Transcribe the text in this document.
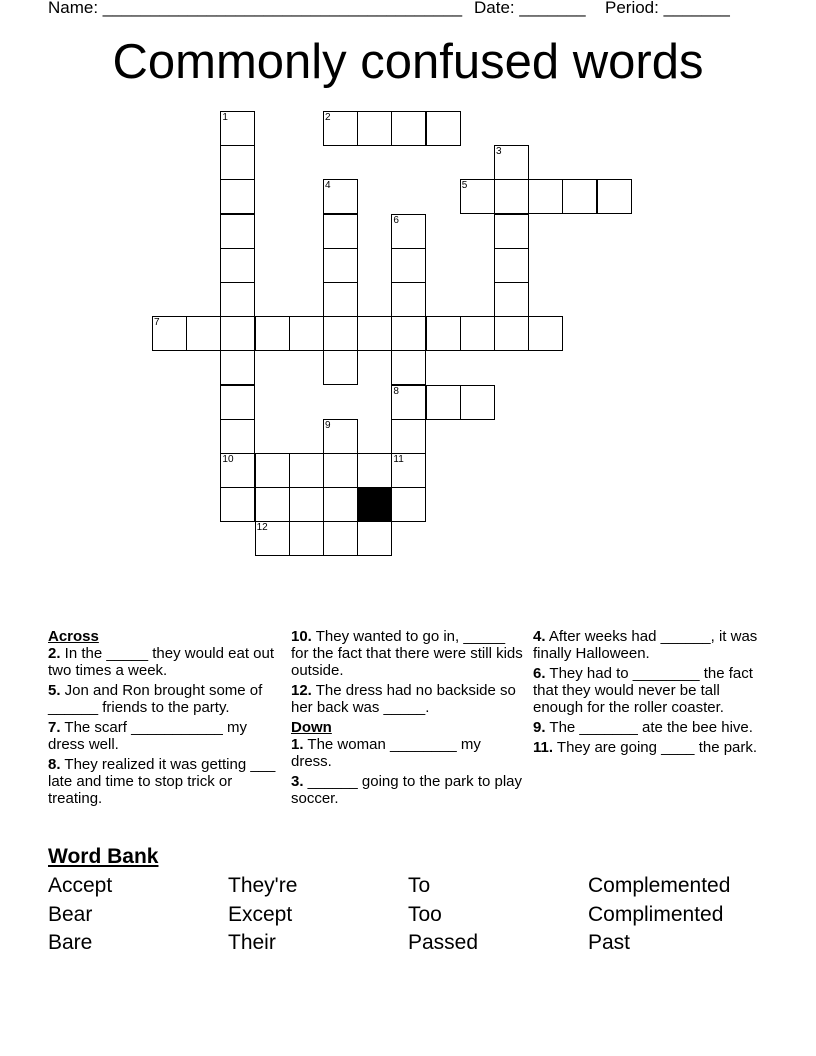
Name: ______________________________________ Date: _______ Period: _______
Commonly confused words
1
10
2
3
5
4
6
8
11
7
9
12

Across

2. In the _____ they would eat out two times a week.

5. Jon and Ron brought some of ______ friends to the party.

7. The scarf ___________ my dress well.

8. They realized it was getting ___ late and time to stop trick or treating.

10. They wanted to go in, _____ for the fact that there were still kids outside.

12. The dress had no backside so her back was _____.

Down

1. The woman ________ my dress.

3. ______ going to the park to play soccer.

4. After weeks had ______, it was finally Halloween.

6. They had to ________ the fact that they would never be tall enough for the roller coaster.

9. The _______ ate the bee hive.

11. They are going ____ the park.

Word Bank

Accept	They're	To	Complemented
Bear	Except	Too	Complimented
Bare	Their	Passed	Past
